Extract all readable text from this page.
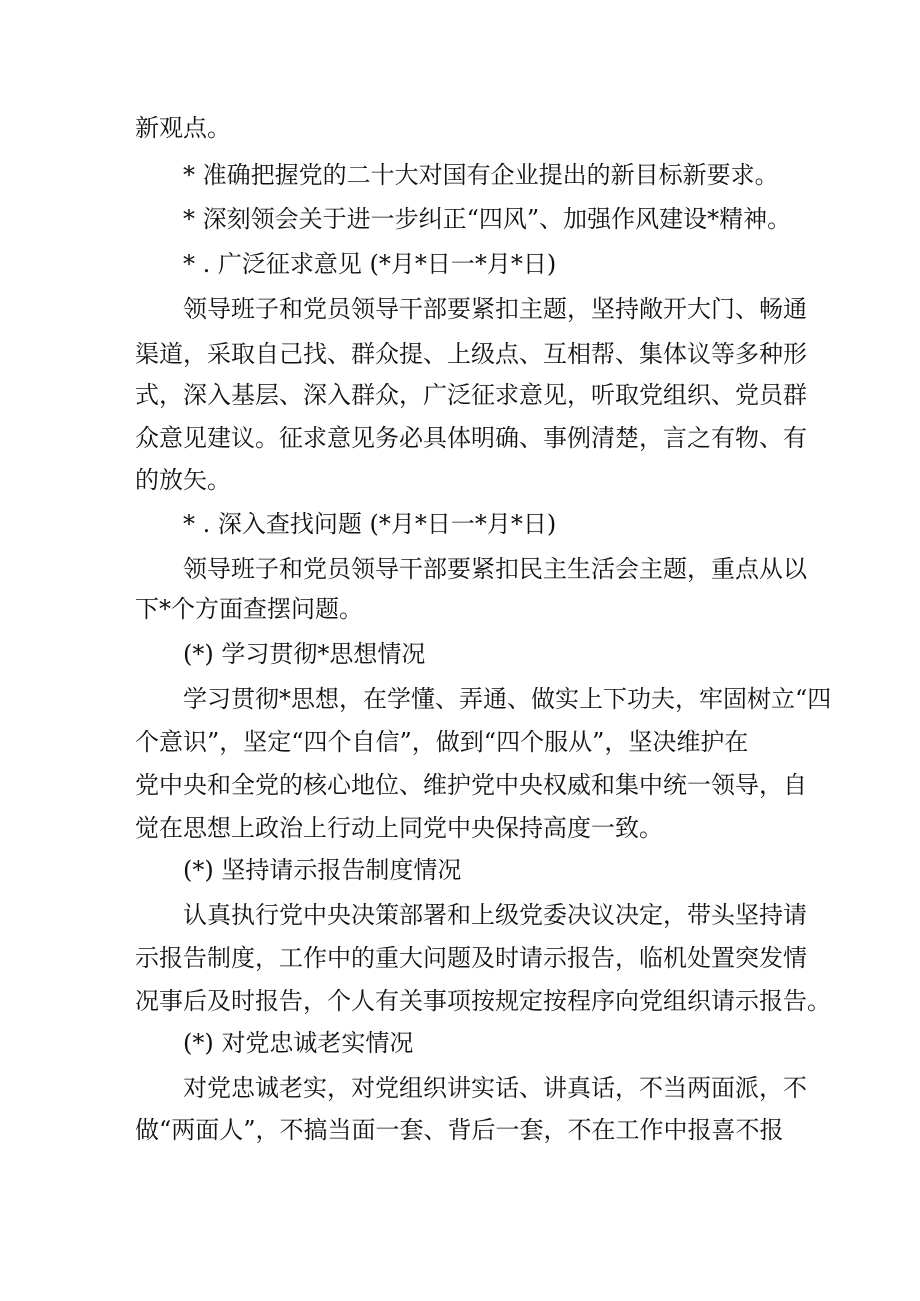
新观点。
* 准确把握党的二十大对国有企业提出的新目标新要求。
* 深刻领会关于进一步纠正“四风”、加强作风建设*精神。
* . 广泛征求意见 (*月*日一*月*日)
领导班子和党员领导干部要紧扣主题，坚持敞开大门、畅通
渠道，采取自己找、群众提、上级点、互相帮、集体议等多种形
式，深入基层、深入群众，广泛征求意见，听取党组织、党员群
众意见建议。征求意见务必具体明确、事例清楚，言之有物、有
的放矢。
* . 深入查找问题 (*月*日一*月*日)
领导班子和党员领导干部要紧扣民主生活会主题，重点从以
下*个方面查摆问题。
(*) 学习贯彻*思想情况
学习贯彻*思想，在学懂、弄通、做实上下功夫，牢固树立“四
个意识”，坚定“四个自信”，做到“四个服从”，坚决维护在
党中央和全党的核心地位、维护党中央权威和集中统一领导，自
觉在思想上政治上行动上同党中央保持高度一致。
(*) 坚持请示报告制度情况
认真执行党中央决策部署和上级党委决议决定，带头坚持请
示报告制度，工作中的重大问题及时请示报告，临机处置突发情
况事后及时报告，个人有关事项按规定按程序向党组织请示报告。
(*) 对党忠诚老实情况
对党忠诚老实，对党组织讲实话、讲真话，不当两面派，不
做“两面人”，不搞当面一套、背后一套，不在工作中报喜不报
